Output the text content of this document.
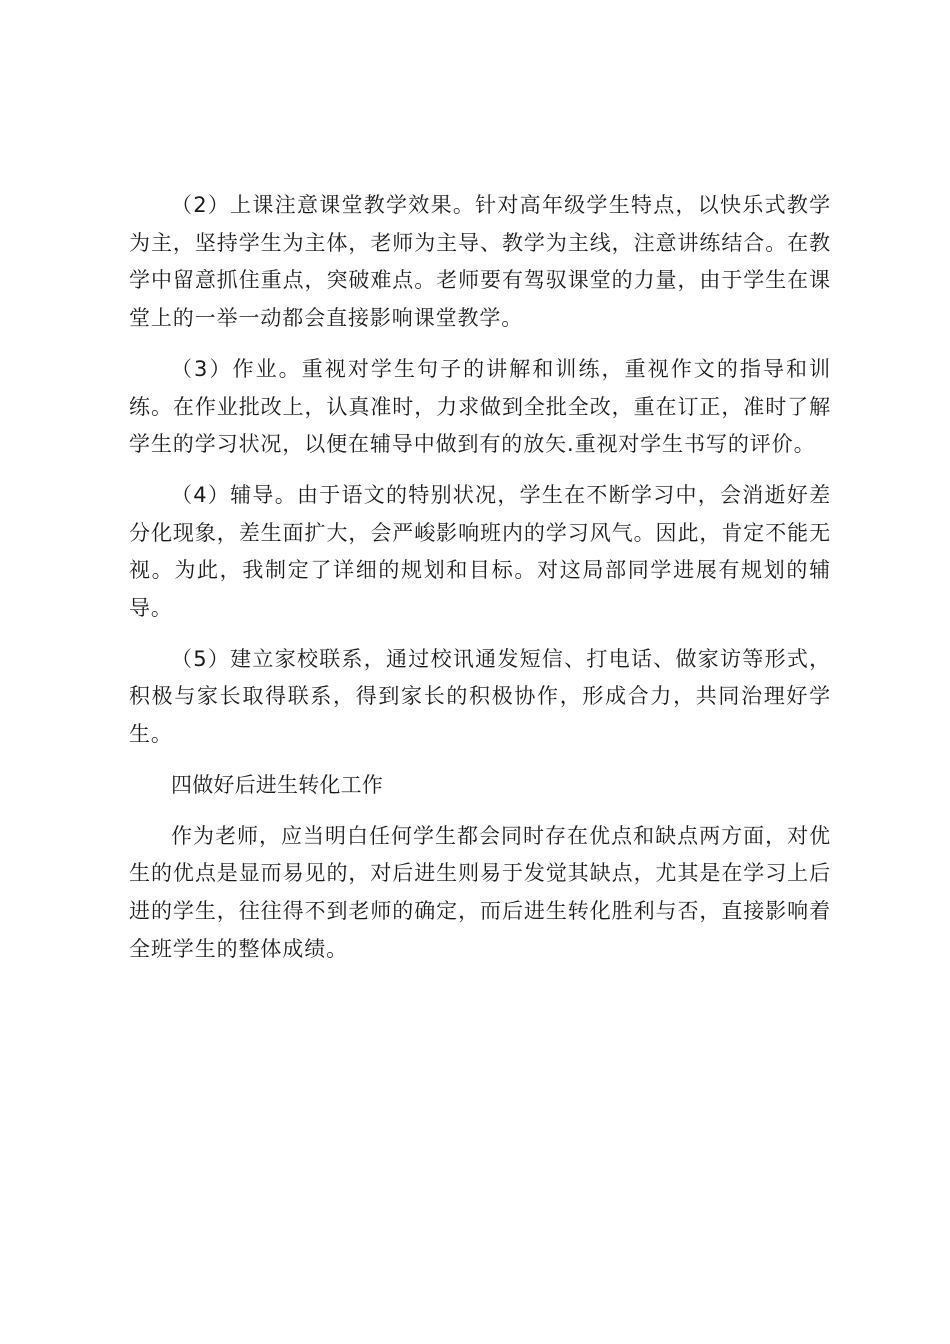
（2）上课注意课堂教学效果。针对高年级学生特点，以快乐式教学为主，坚持学生为主体，老师为主导、教学为主线，注意讲练结合。在教学中留意抓住重点，突破难点。老师要有驾驭课堂的力量，由于学生在课堂上的一举一动都会直接影响课堂教学。

（3）作业。重视对学生句子的讲解和训练，重视作文的指导和训练。在作业批改上，认真准时，力求做到全批全改，重在订正，准时了解学生的学习状况，以便在辅导中做到有的放矢.重视对学生书写的评价。

（4）辅导。由于语文的特别状况，学生在不断学习中，会消逝好差分化现象，差生面扩大，会严峻影响班内的学习风气。因此，肯定不能无视。为此，我制定了详细的规划和目标。对这局部同学进展有规划的辅导。

（5）建立家校联系，通过校讯通发短信、打电话、做家访等形式，积极与家长取得联系，得到家长的积极协作，形成合力，共同治理好学生。

四做好后进生转化工作

作为老师，应当明白任何学生都会同时存在优点和缺点两方面，对优生的优点是显而易见的，对后进生则易于发觉其缺点，尤其是在学习上后进的学生，往往得不到老师的确定，而后进生转化胜利与否，直接影响着全班学生的整体成绩。
